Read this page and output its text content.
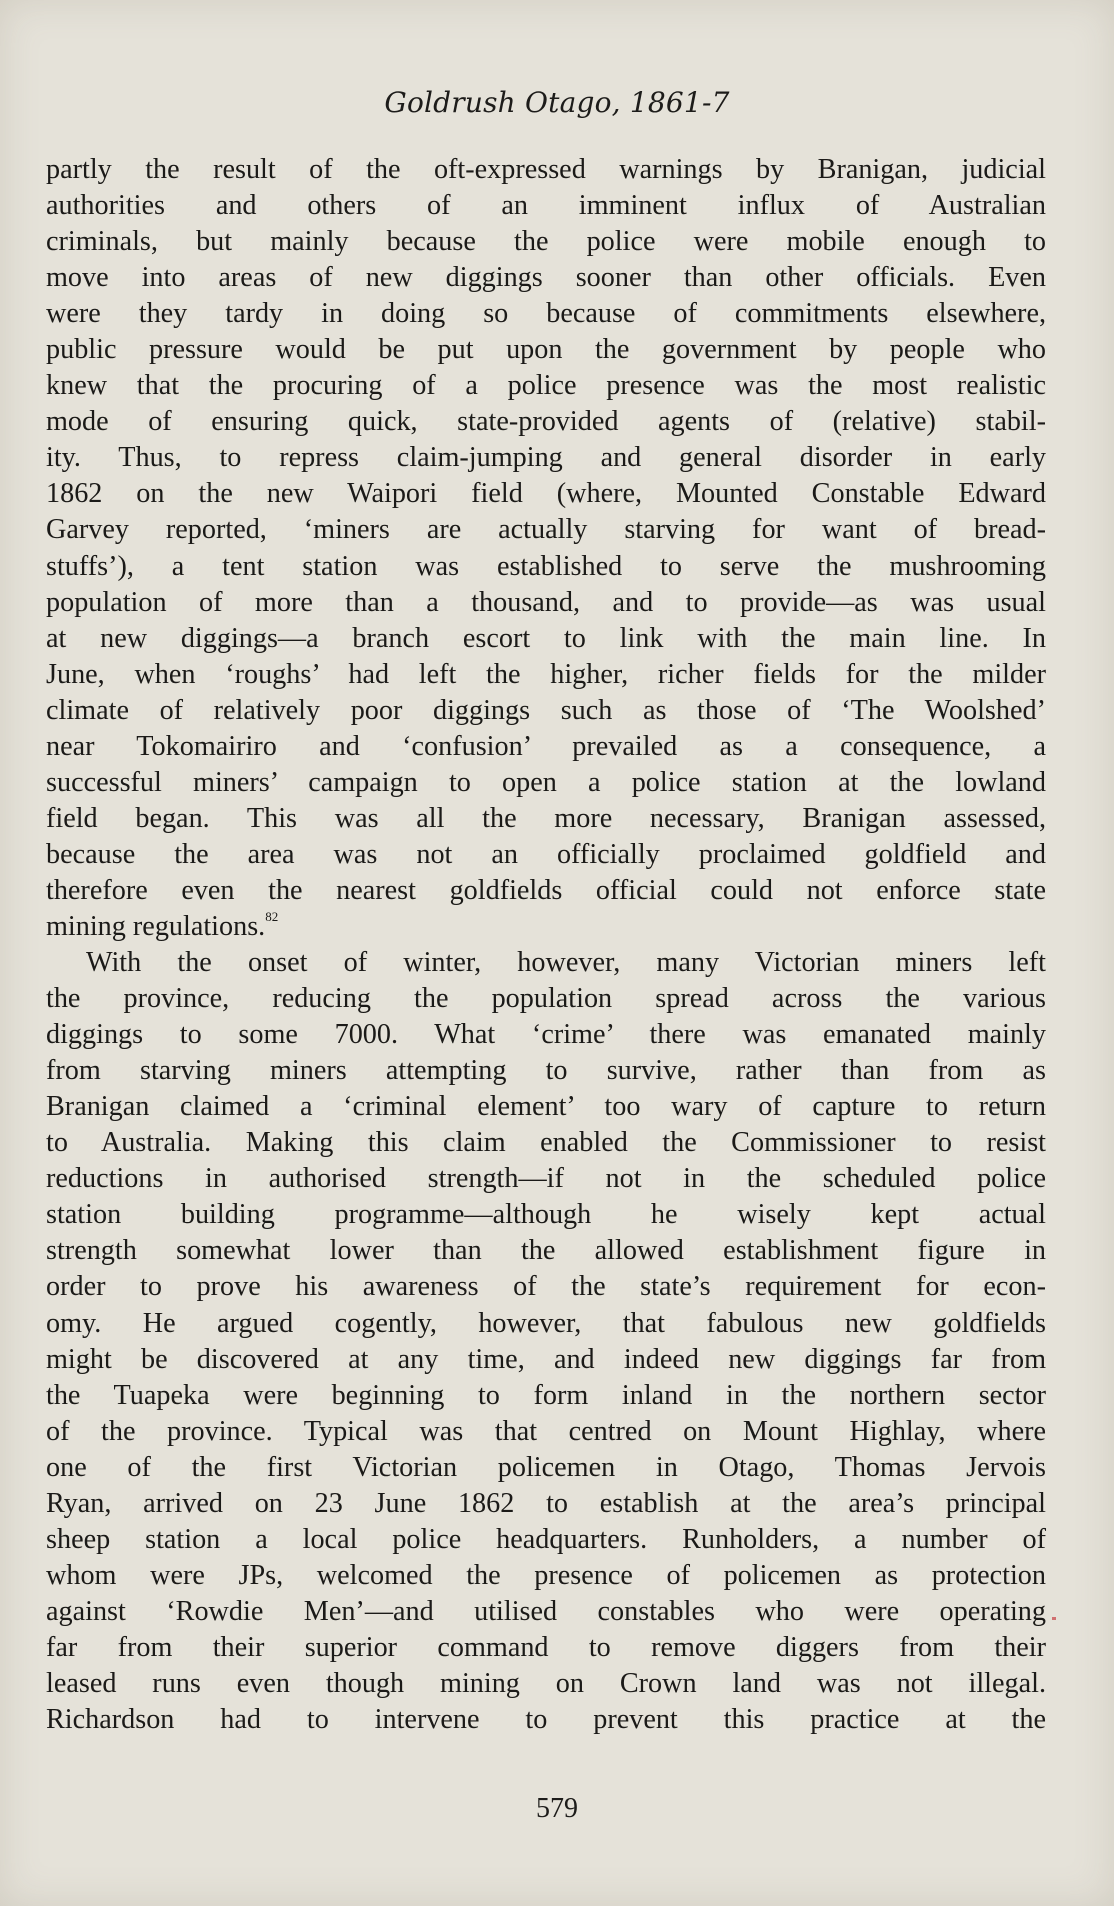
Goldrush Otago, 1861-7
partly the result of the oft-expressed warnings by Branigan, judicial
authorities and others of an imminent influx of Australian
criminals, but mainly because the police were mobile enough to
move into areas of new diggings sooner than other officials. Even
were they tardy in doing so because of commitments elsewhere,
public pressure would be put upon the government by people who
knew that the procuring of a police presence was the most realistic
mode of ensuring quick, state-provided agents of (relative) stabil-
ity. Thus, to repress claim-jumping and general disorder in early
1862 on the new Waipori field (where, Mounted Constable Edward
Garvey reported, ‘miners are actually starving for want of bread-
stuffs’), a tent station was established to serve the mushrooming
population of more than a thousand, and to provide—as was usual
at new diggings—a branch escort to link with the main line. In
June, when ‘roughs’ had left the higher, richer fields for the milder
climate of relatively poor diggings such as those of ‘The Woolshed’
near Tokomairiro and ‘confusion’ prevailed as a consequence, a
successful miners’ campaign to open a police station at the lowland
field began. This was all the more necessary, Branigan assessed,
because the area was not an officially proclaimed goldfield and
therefore even the nearest goldfields official could not enforce state
mining regulations.$^{82}$
With the onset of winter, however, many Victorian miners left
the province, reducing the population spread across the various
diggings to some 7000. What ‘crime’ there was emanated mainly
from starving miners attempting to survive, rather than from as
Branigan claimed a ‘criminal element’ too wary of capture to return
to Australia. Making this claim enabled the Commissioner to resist
reductions in authorised strength—if not in the scheduled police
station building programme—although he wisely kept actual
strength somewhat lower than the allowed establishment figure in
order to prove his awareness of the state’s requirement for econ-
omy. He argued cogently, however, that fabulous new goldfields
might be discovered at any time, and indeed new diggings far from
the Tuapeka were beginning to form inland in the northern sector
of the province. Typical was that centred on Mount Highlay, where
one of the first Victorian policemen in Otago, Thomas Jervois
Ryan, arrived on 23 June 1862 to establish at the area’s principal
sheep station a local police headquarters. Runholders, a number of
whom were JPs, welcomed the presence of policemen as protection
against ‘Rowdie Men’—and utilised constables who were operating
far from their superior command to remove diggers from their
leased runs even though mining on Crown land was not illegal.
Richardson had to intervene to prevent this practice at the
579
